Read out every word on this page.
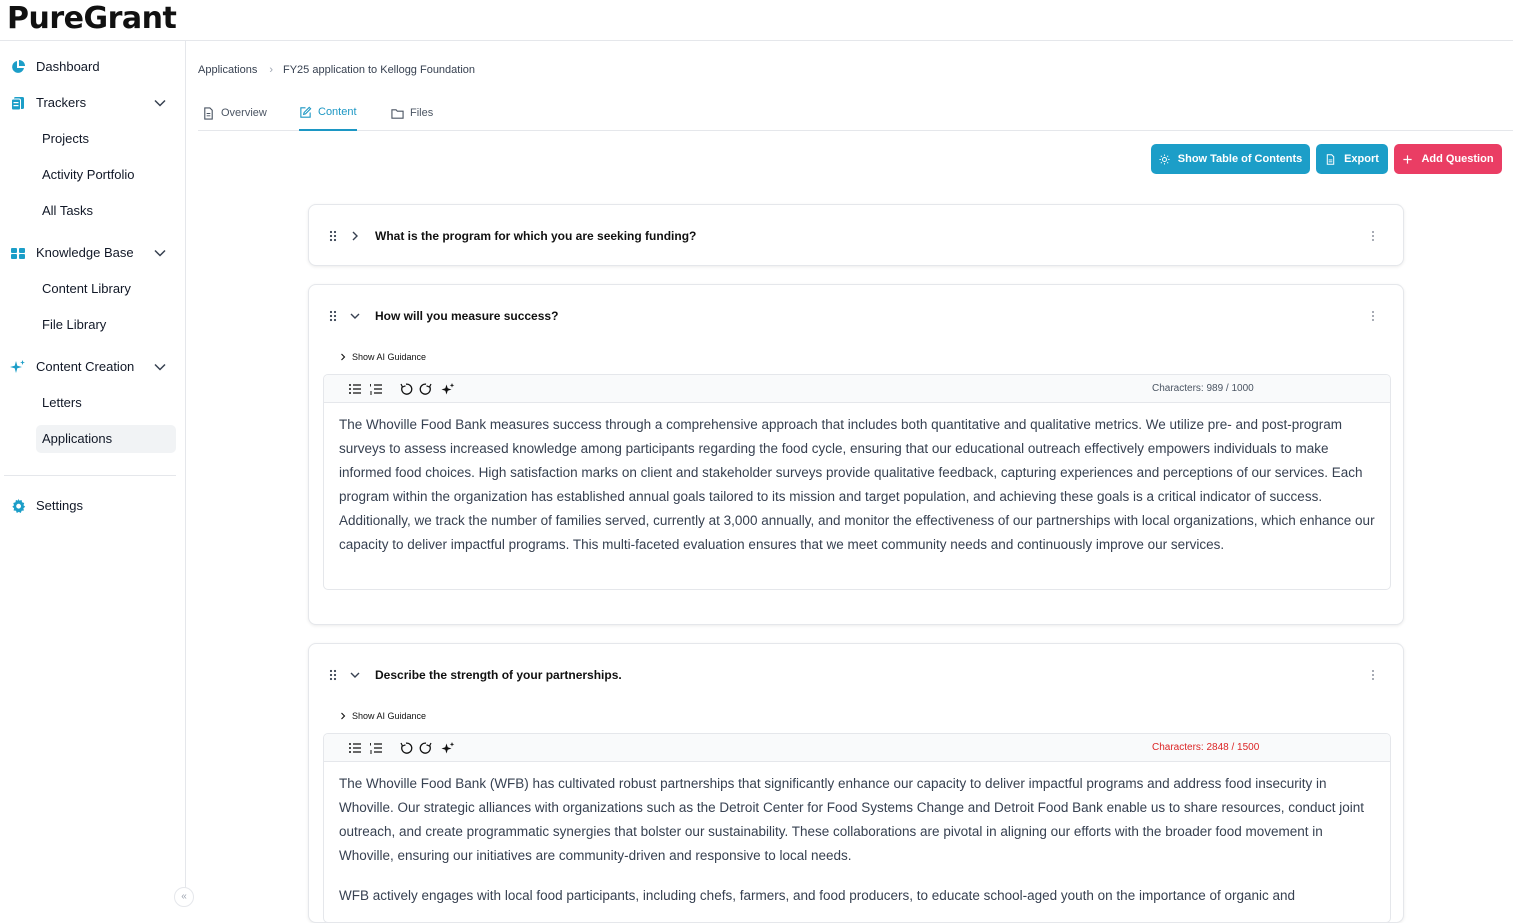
PureGrant
Dashboard
Trackers
Projects
Activity Portfolio
All Tasks
Knowledge Base
Content Library
File Library
Content Creation
Letters
Applications
Settings
«
Applications › FY25 application to Kellogg Foundation
Overview	Content	Files
Show Table of Contents	Export	Add Question
What is the program for which you are seeking funding?
How will you measure success?
Show AI Guidance
Characters: 989 / 1000

The Whoville Food Bank measures success through a comprehensive approach that includes both quantitative and qualitative metrics. We utilize pre- and post-program surveys to assess increased knowledge among participants regarding the food cycle, ensuring that our educational outreach effectively empowers individuals to make informed food choices. High satisfaction marks on client and stakeholder surveys provide qualitative feedback, capturing experiences and perceptions of our services. Each program within the organization has established annual goals tailored to its mission and target population, and achieving these goals is a critical indicator of success. Additionally, we track the number of families served, currently at 3,000 annually, and monitor the effectiveness of our partnerships with local organizations, which enhance our capacity to deliver impactful programs. This multi-faceted evaluation ensures that we meet community needs and continuously improve our services.

Describe the strength of your partnerships.
Show AI Guidance
Characters: 2848 / 1500

The Whoville Food Bank (WFB) has cultivated robust partnerships that significantly enhance our capacity to deliver impactful programs and address food insecurity in Whoville. Our strategic alliances with organizations such as the Detroit Center for Food Systems Change and Detroit Food Bank enable us to share resources, conduct joint outreach, and create programmatic synergies that bolster our sustainability. These collaborations are pivotal in aligning our efforts with the broader food movement in Whoville, ensuring our initiatives are community-driven and responsive to local needs.

WFB actively engages with local food participants, including chefs, farmers, and food producers, to educate school-aged youth on the importance of organic and
